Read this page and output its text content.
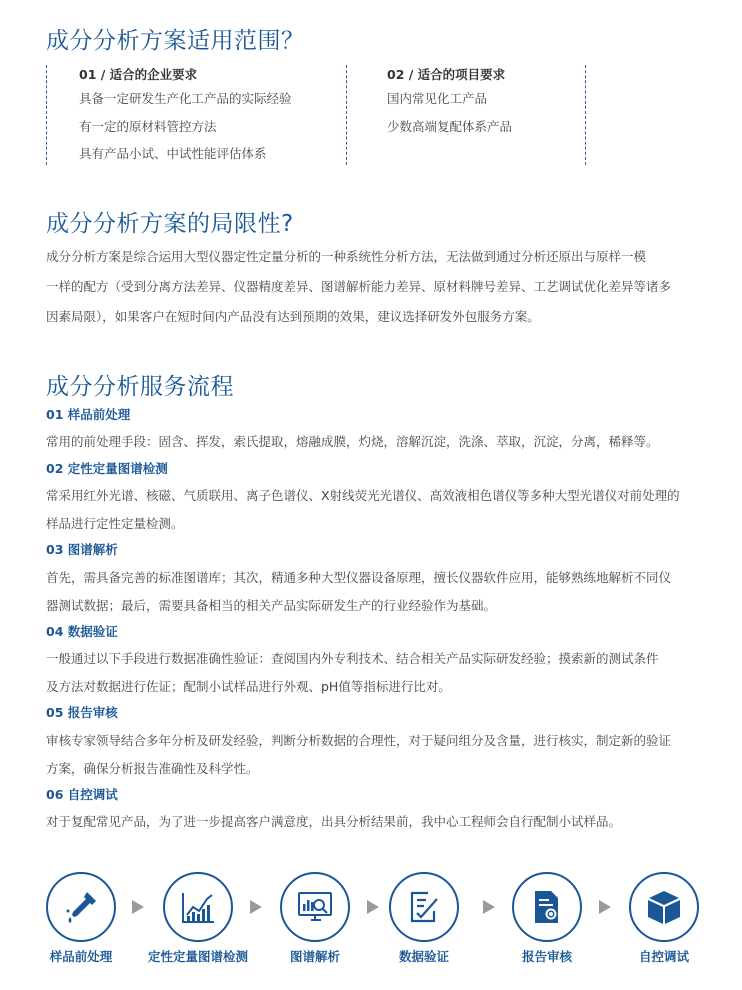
成分分析方案适用范围？
01 / 适合的企业要求
具备一定研发生产化工产品的实际经验
有一定的原材料管控方法
具有产品小试、中试性能评估体系
02 / 适合的项目要求
国内常见化工产品
少数高端复配体系产品
成分分析方案的局限性?

成分分析方案是综合运用大型仪器定性定量分析的一种系统性分析方法，无法做到通过分析还原出与原样一模

一样的配方（受到分离方法差异、仪器精度差异、图谱解析能力差异、原材料牌号差异、工艺调试优化差异等诸多

因素局限），如果客户在短时间内产品没有达到预期的效果，建议选择研发外包服务方案。

成分分析服务流程
01 样品前处理

常用的前处理手段：固含、挥发，索氏提取，熔融成膜，灼烧，溶解沉淀，洗涤、萃取，沉淀，分离，稀释等。

02 定性定量图谱检测

常采用红外光谱、核磁、气质联用、离子色谱仪、X射线荧光光谱仪、高效液相色谱仪等多种大型光谱仪对前处理的

样品进行定性定量检测。

03 图谱解析

首先，需具备完善的标准图谱库；其次，精通多种大型仪器设备原理，擅长仪器软件应用，能够熟练地解析不同仪

器测试数据；最后，需要具备相当的相关产品实际研发生产的行业经验作为基础。

04 数据验证

一般通过以下手段进行数据准确性验证：查阅国内外专利技术、结合相关产品实际研发经验；摸索新的测试条件

及方法对数据进行佐证；配制小试样品进行外观、pH值等指标进行比对。

05 报告审核

审核专家领导结合多年分析及研发经验，判断分析数据的合理性，对于疑问组分及含量，进行核实，制定新的验证

方案，确保分析报告准确性及科学性。

06 自控调试

对于复配常见产品，为了进一步提高客户满意度，出具分析结果前，我中心工程师会自行配制小试样品。

样品前处理	定性定量图谱检测	图谱解析	数据验证	报告审核	自控调试
